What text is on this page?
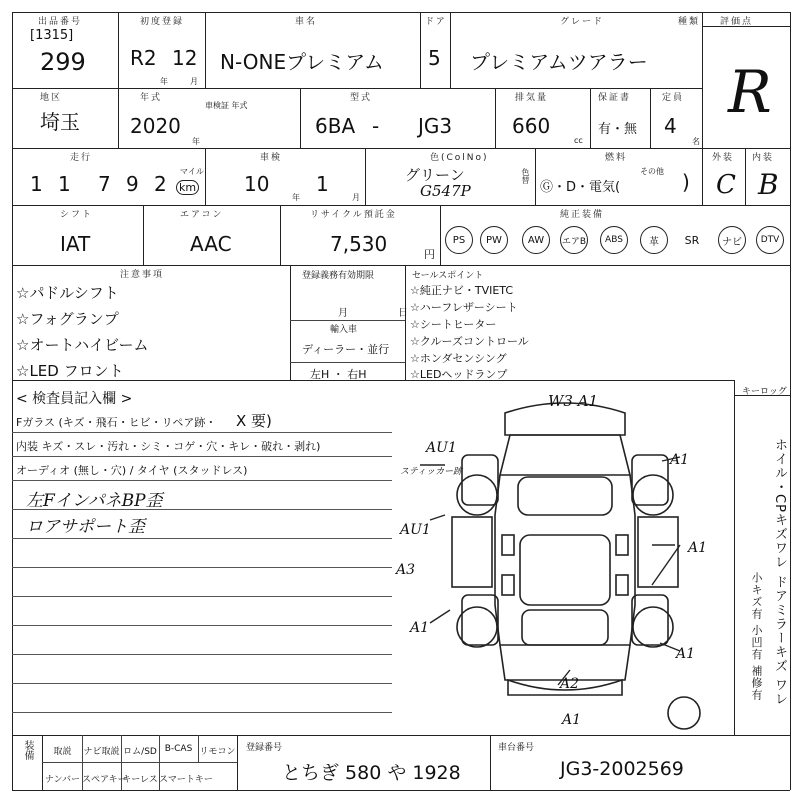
出品番号
[1315]
299
初度登録
R2 12
年	月
車名
N-ONEプレミアム
ドア
5
グレード
プレミアムツアラー
種類 評価点
R
地区
埼玉
年式
車検証 年式
2020
年
型式
6BA - JG3
排気量
660
cc
保証書
有・無
定員
4
名
走行
1 1 7 9 2
マイル
km
車検
10
年
1
月
色(ColNo)
グリーン
G547P
色替
燃料
Ⓖ・D・電気(
その他 )
外装
C
内装
B
シフト
IAT
エアコン
AAC
リサイクル預託金
7,530	円
純正装備
PS	PW	AW	エアB	ABS	革	SR	ナビ	DTV
注意事項
☆パドルシフト
☆フォグランプ
☆オートハイビーム
☆LED フロント
登録義務有効期限
月	日
輸入車
ディーラー・並行
左H ・ 右H
セールスポイント
☆純正ナビ・TVIETC
☆ハーフレザーシート
☆シートヒーター
☆クルーズコントロール
☆ホンダセンシング
☆LEDヘッドランプ
< 検査員記入欄 >
Fガラス (キズ・飛石・ヒビ・リペア跡・ X 要)
内装 キズ・スレ・汚れ・シミ・コゲ・穴・キレ・破れ・剥れ)
オーディオ (無し・穴) / タイヤ (スタッドレス)
左FインパネBP歪
ロアサポート歪
W3 A1
AU1
スティッカー跡
A1
AU1
A3
A1
A1
A1
A2
A1
キーロッグ
ホイル・CPキズワレ
ドアミラーキズ ワレ
小キズ有 小凹有 補修有
装備	取説	ナビ取説 ロム/SD B-CAS リモコン
ナンバー スペアキー
キーレス スマートキー
登録番号
とちぎ 580 や 1928
車台番号
JG3-2002569
